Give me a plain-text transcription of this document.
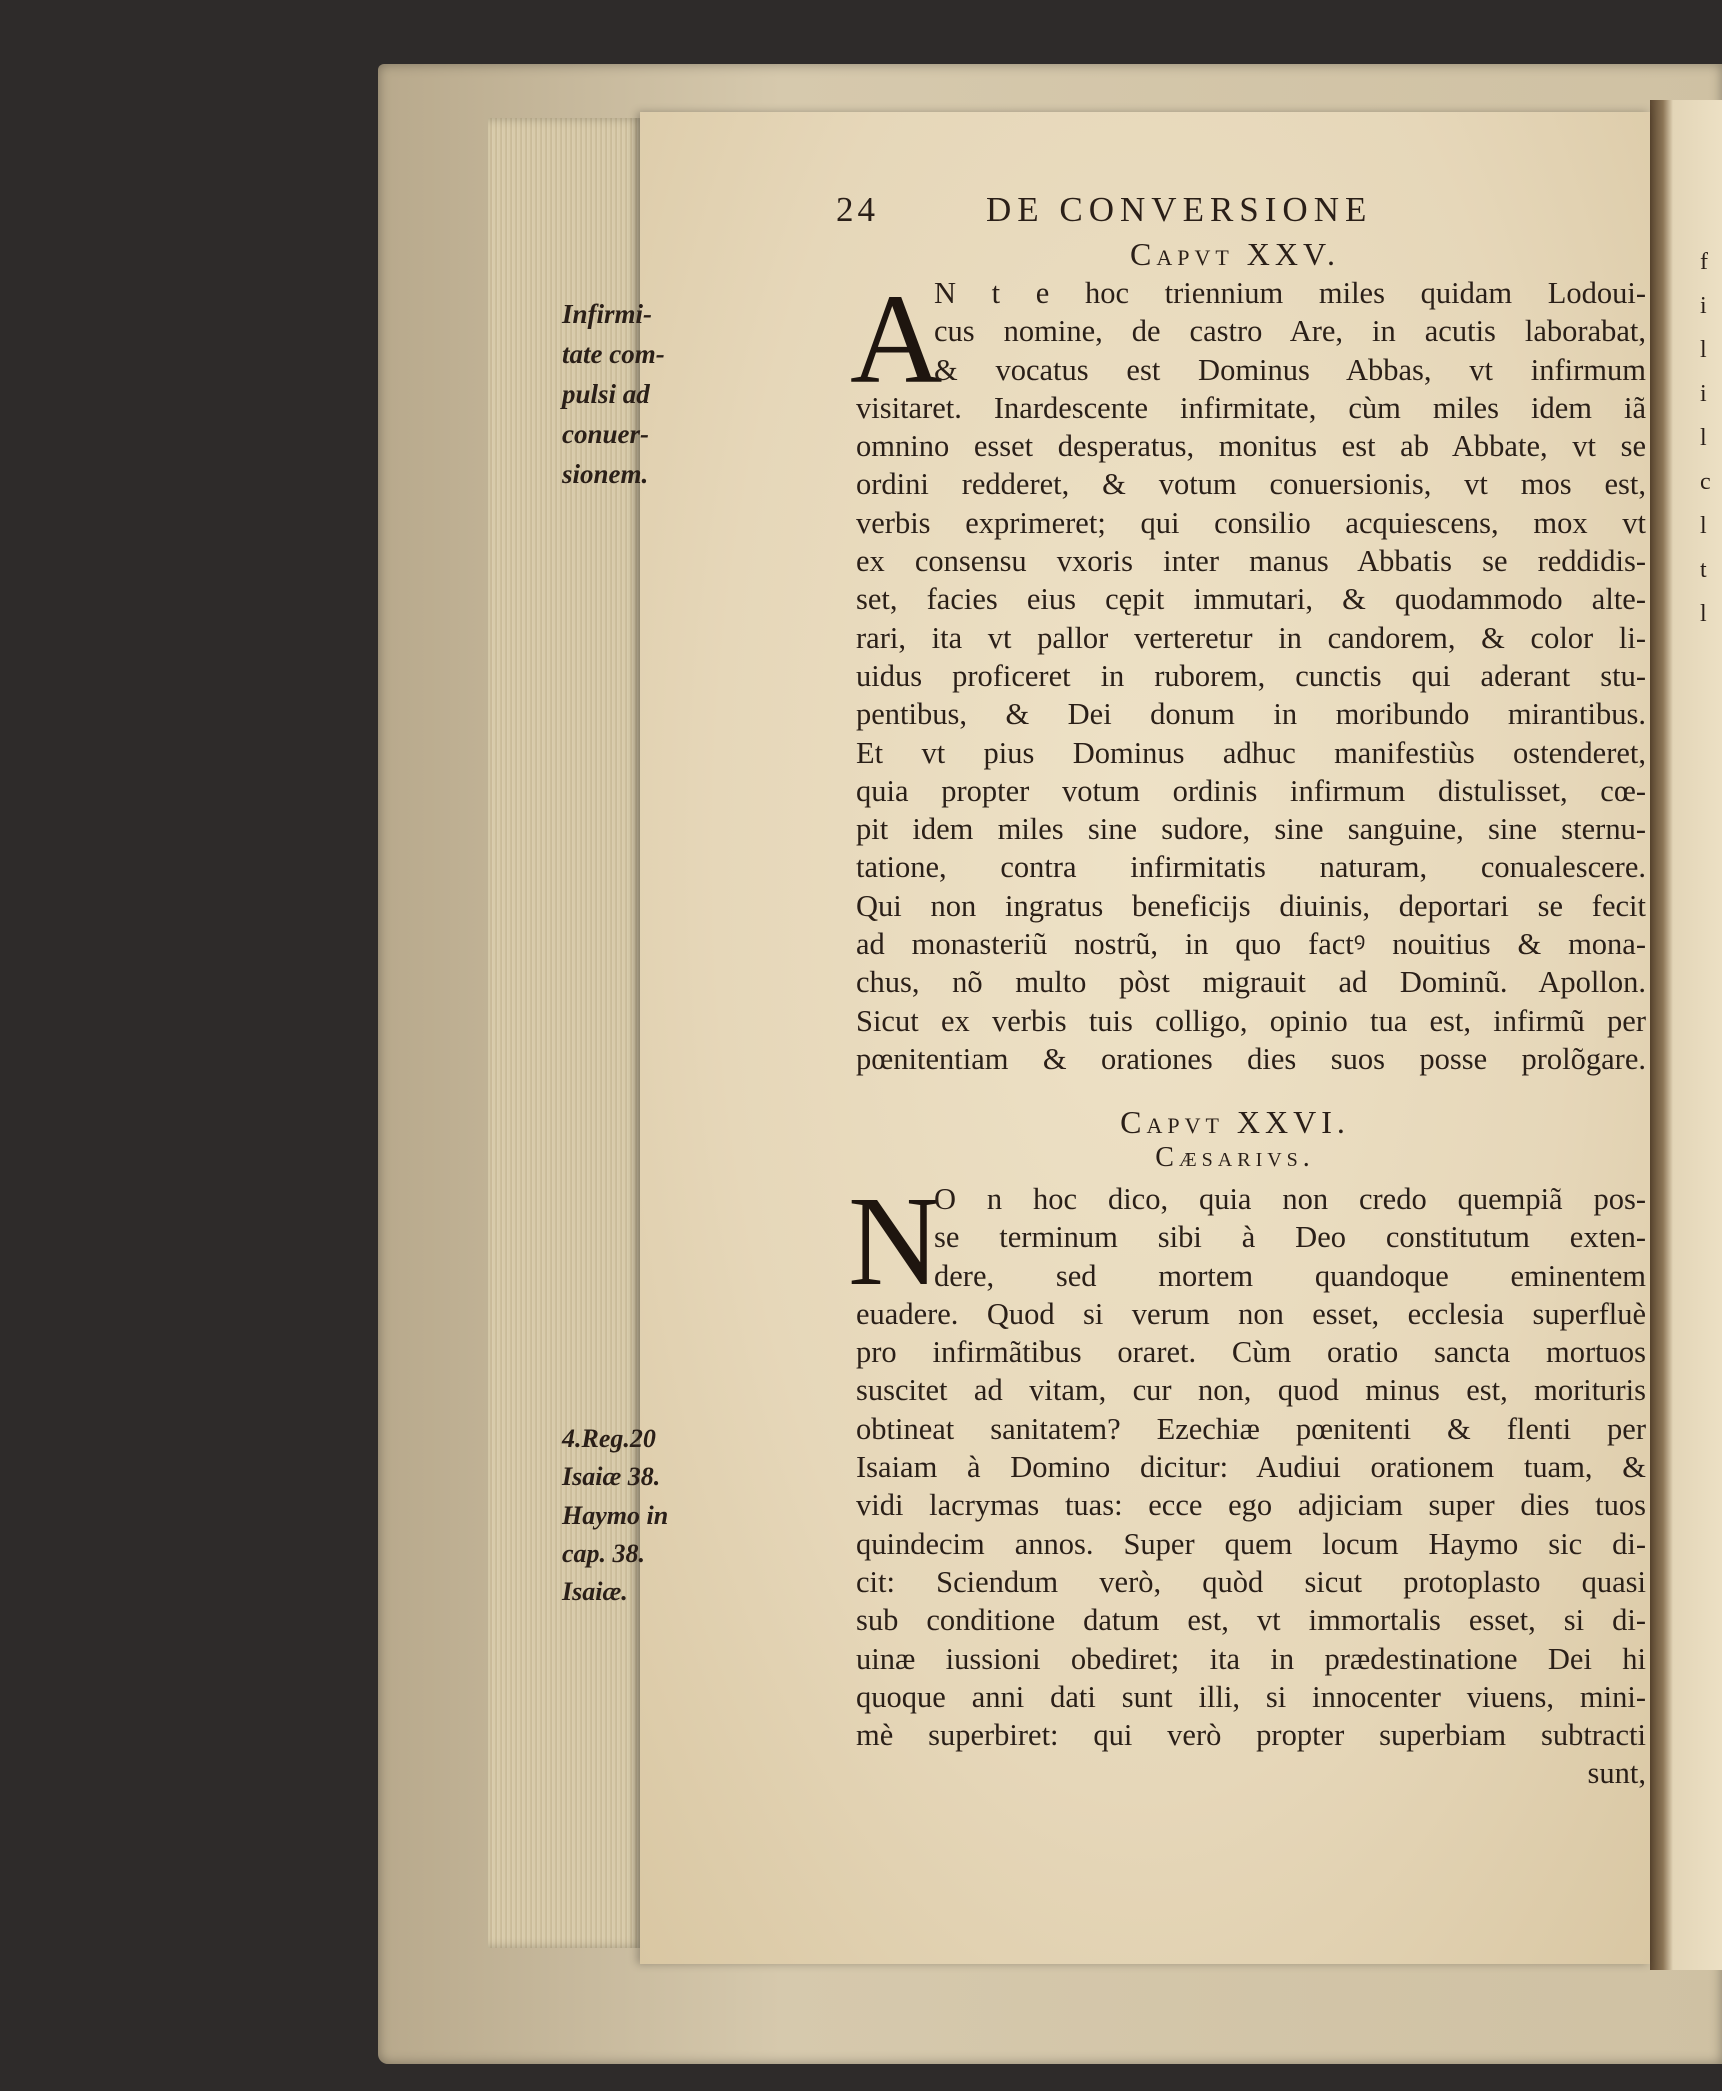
f
i
l
i
l
c
l
t
l
24	DE CONVERSIONE
Capvt XXV.
Infirmi-
tate com-
pulsi ad
conuer-
sionem.
A
N t e hoc triennium miles quidam Lodoui-
cus nomine, de castro Are, in acutis laborabat,
& vocatus est Dominus Abbas, vt infirmum
visitaret. Inardescente infirmitate, cùm miles idem iã
omnino esset desperatus, monitus est ab Abbate, vt se
ordini redderet, & votum conuersionis, vt mos est,
verbis exprimeret; qui consilio acquiescens, mox vt
ex consensu vxoris inter manus Abbatis se reddidis-
set, facies eius cępit immutari, & quodammodo alte-
rari, ita vt pallor verteretur in candorem, & color li-
uidus proficeret in ruborem, cunctis qui aderant stu-
pentibus, & Dei donum in moribundo mirantibus.
Et vt pius Dominus adhuc manifestiùs ostenderet,
quia propter votum ordinis infirmum distulisset, cœ-
pit idem miles sine sudore, sine sanguine, sine sternu-
tatione, contra infirmitatis naturam, conualescere.
Qui non ingratus beneficijs diuinis, deportari se fecit
ad monasteriũ nostrũ, in quo factꝰ nouitius & mona-
chus, nõ multo pòst migrauit ad Dominũ. Apollon.
Sicut ex verbis tuis colligo, opinio tua est, infirmũ per
pœnitentiam & orationes dies suos posse prolõgare.
Capvt XXVI.
Cæsarivs.
N
O n hoc dico, quia non credo quempiã pos-
se terminum sibi à Deo constitutum exten-
dere, sed mortem quandoque eminentem
euadere. Quod si verum non esset, ecclesia superfluè
pro infirmãtibus oraret. Cùm oratio sancta mortuos
suscitet ad vitam, cur non, quod minus est, morituris
obtineat sanitatem? Ezechiæ pœnitenti & flenti per
Isaiam à Domino dicitur: Audiui orationem tuam, &
vidi lacrymas tuas: ecce ego adjiciam super dies tuos
quindecim annos. Super quem locum Haymo sic di-
cit: Sciendum verò, quòd sicut protoplasto quasi
sub conditione datum est, vt immortalis esset, si di-
uinæ iussioni obediret; ita in prædestinatione Dei hi
quoque anni dati sunt illi, si innocenter viuens, mini-
mè superbiret: qui verò propter superbiam subtracti
sunt,
4.Reg.20
Isaiæ 38.
Haymo in
cap. 38.
Isaiæ.
